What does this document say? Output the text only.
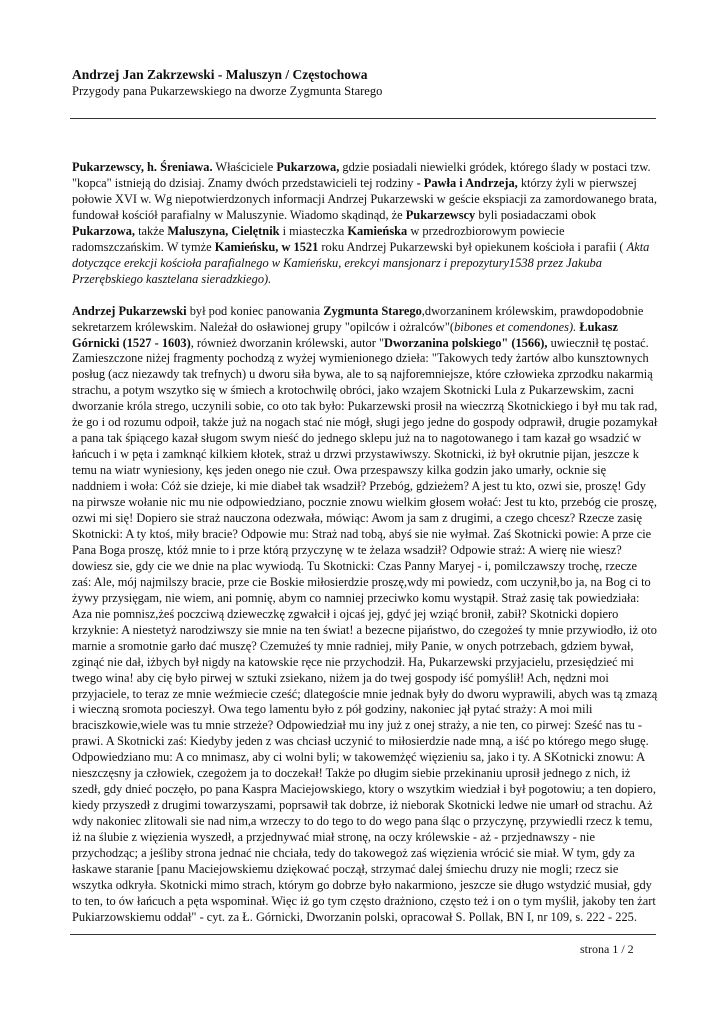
Andrzej Jan Zakrzewski - Maluszyn / Częstochowa
Przygody pana Pukarzewskiego na dworze Zygmunta Starego

Pukarzewscy, h. Śreniawa. Właściciele Pukarzowa, gdzie posiadali niewielki gródek, którego ślady w postaci tzw. "kopca" istnieją do dzisiaj. Znamy dwóch przedstawicieli tej rodziny - Pawła i Andrzeja, którzy żyli w pierwszej połowie XVI w. Wg niepotwierdzonych informacji Andrzej Pukarzewski w geście ekspiacji za zamordowanego brata, fundował kościół parafialny w Maluszynie. Wiadomo skądinąd, że Pukarzewscy byli posiadaczami obok Pukarzowa, także Maluszyna, Cielętnik i miasteczka Kamieńska w przedrozbiorowym powiecie radomszczańskim. W tymże Kamieńsku, w 1521 roku Andrzej Pukarzewski był opiekunem kościoła i parafii ( Akta dotyczące erekcji kościoła parafialnego w Kamieńsku, erekcyi mansjonarz i prepozytury1538 przez Jakuba Przerębskiego kasztelana sieradzkiego).

Andrzej Pukarzewski był pod koniec panowania Zygmunta Starego,dworzaninem królewskim, prawdopodobnie sekretarzem królewskim. Należał do osławionej grupy "opilców i ożralców"(bibones et comendones). Łukasz Górnicki (1527 - 1603), również dworzanin królewski, autor "Dworzanina polskiego" (1566), uwiecznił tę postać. Zamieszczone niżej fragmenty pochodzą z wyżej wymienionego dzieła: "Takowych tedy żartów albo kunsztownych posług (acz niezawdy tak trefnych) u dworu siła bywa, ale to są najforemniejsze, które człowieka zprzodku nakarmią strachu, a potym wszytko się w śmiech a krotochwilę obróci, jako wzajem Skotnicki Lula z Pukarzewskim, zacni dworzanie króla strego, uczynili sobie, co oto tak było: Pukarzewski prosił na wieczrzą Skotnickiego i był mu tak rad, że go i od rozumu odpoił, także już na nogach stać nie mógł, sługi jego jedne do gospody odprawił, drugie pozamykał a pana tak śpiącego kazał sługom swym nieść do jednego sklepu już na to nagotowanego i tam kazał go wsadzić w łańcuch i w pęta i zamknąć kilkiem kłotek, straż u drzwi przystawiwszy. Skotnicki, iż był okrutnie pijan, jeszcze k temu na wiatr wyniesiony, kęs jeden onego nie czuł. Owa przespawszy kilka godzin jako umarły, ocknie się naddniem i woła: Cóż sie dzieje, ki mie diabeł tak wsadził? Przebóg, gdzieżem? A jest tu kto, ozwi sie, proszę! Gdy na pirwsze wołanie nic mu nie odpowiedziano, pocznie znowu wielkim głosem wołać: Jest tu kto, przebóg cie proszę, ozwi mi się! Dopiero sie straż nauczona odezwała, mówiąc: Awom ja sam z drugimi, a czego chcesz? Rzecze zasię Skotnicki: A ty ktoś, miły bracie? Odpowie mu: Straż nad tobą, abyś sie nie wyłmał. Zaś Skotnicki powie: A prze cie Pana Boga proszę, któż mnie to i prze którą przyczynę w te żelaza wsadził? Odpowie straż: A wierę nie wiesz? dowiesz sie, gdy cie we dnie na plac wywiodą. Tu Skotnicki: Czas Panny Maryej - i, pomilczawszy trochę, rzecze zaś: Ale, mój najmilszy bracie, prze cie Boskie miłosierdzie proszę,wdy mi powiedz, com uczynił,bo ja, na Bog ci to żywy przysięgam, nie wiem, ani pomnię, abym co namniej przeciwko komu wystąpił. Straż zasię tak powiedziała: Aza nie pomnisz,żeś poczciwą dzieweczkę zgwałcił i ojcaś jej, gdyć jej wziąć bronił, zabił? Skotnicki dopiero krzyknie: A niestetyż narodziwszy sie mnie na ten świat! a bezecne pijaństwo, do czegożeś ty mnie przywiodło, iż oto marnie a sromotnie garło dać muszę? Czemużeś ty mnie radniej, miły Panie, w onych potrzebach, gdziem bywał, zginąć nie dał, iżbych był nigdy na katowskie ręce nie przychodził. Ha, Pukarzewski przyjacielu, przesiędzieć mi twego wina! aby cię było pirwej w sztuki zsiekano, niżem ja do twej gospody iść pomyślił! Ach, nędzni moi przyjaciele, to teraz ze mnie weźmiecie cześć; dlategoście mnie jednak były do dworu wyprawili, abych was tą zmazą i wieczną sromota pocieszył. Owa tego lamentu było z pół godziny, nakoniec jął pytać straży: A moi mili braciszkowie,wiele was tu mnie strzeże? Odpowiedział mu iny już z onej straży, a nie ten, co pirwej: Sześć nas tu - prawi. A Skotnicki zaś: Kiedyby jeden z was chciasł uczynić to miłosierdzie nade mną, a iść po którego mego sługę. Odpowiedziano mu: A co mnimasz, aby ci wolni byli; w takowemżęć więzieniu sa, jako i ty. A SKotnicki znowu: A nieszczęsny ja człowiek, czegożem ja to doczekał! Także po długim siebie przekinaniu uprosił jednego z nich, iż szedł, gdy dnieć poczęło, po pana Kaspra Maciejowskiego, ktory o wszytkim wiedział i był pogotowiu; a ten dopiero, kiedy przyszedł z drugimi towarzyszami, poprsawił tak dobrze, iż nieborak Skotnicki ledwe nie umarł od strachu. Aż wdy nakoniec zlitowali sie nad nim,a wrzeczy to do tego to do wego pana śląc o przyczynę, przywiedli rzecz k temu, iż na ślubie z więzienia wyszedł, a przjednywać miał stronę, na oczy królewskie - aż - przjednawszy - nie przychodząc; a jeśliby strona jednać nie chciała, tedy do takowegoż zaś więzienia wrócić sie miał. W tym, gdy za łaskawe staranie [panu Maciejowskiemu dziękować począł, strzymać dalej śmiechu druzy nie mogli; rzecz sie wszytka odkryła. Skotnicki mimo strach, którym go dobrze było nakarmiono, jeszcze sie długo wstydzić musiał, gdy to ten, to ów łańcuch a pęta wspominał. Więc iż go tym często drażniono, często też i on o tym myślił, jakoby ten żart Pukiarzowskiemu oddał" - cyt. za Ł. Górnicki, Dworzanin polski, opracował S. Pollak, BN I, nr 109, s. 222 - 225.

strona 1 / 2
